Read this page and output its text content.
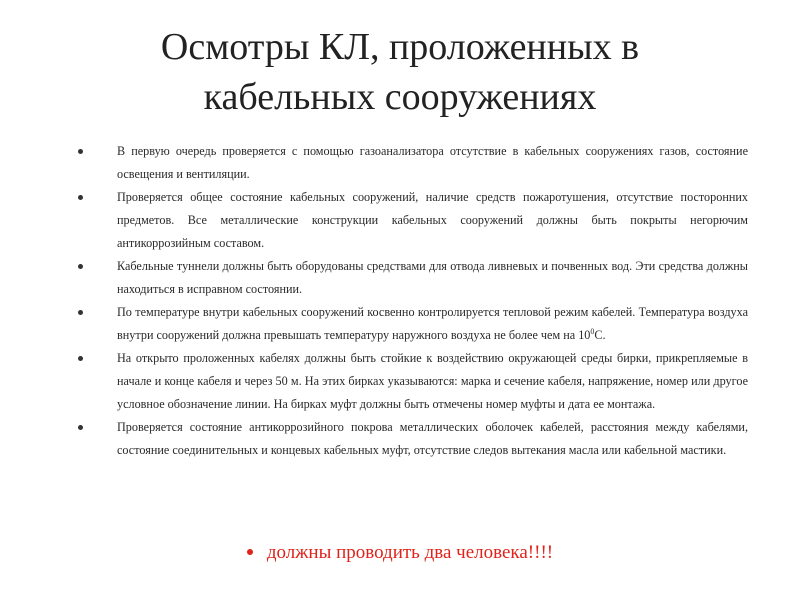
Осмотры КЛ, проложенных в
кабельных сооружениях
В первую очередь проверяется с помощью газоанализатора отсутствие в кабельных сооружениях газов, состояние освещения и вентиляции.
Проверяется общее состояние кабельных сооружений, наличие средств пожаротушения, отсутствие посторонних предметов. Все металлические конструкции кабельных сооружений должны быть покрыты негорючим антикоррозийным составом.
Кабельные туннели должны быть оборудованы средствами для отвода ливневых и почвенных вод. Эти средства должны находиться в исправном состоянии.
По температуре внутри кабельных сооружений косвенно контролируется тепловой режим кабелей. Температура воздуха внутри сооружений должна превышать температуру наружного воздуха не более чем на $10^0С$.
На открыто проложенных кабелях должны быть стойкие к воздействию окружающей среды бирки, прикрепляемые в начале и конце кабеля и через 50 м. На этих бирках указываются: марка и сечение кабеля, напряжение, номер или другое условное обозначение линии. На бирках муфт должны быть отмечены номер муфты и дата ее монтажа.
Проверяется состояние антикоррозийного покрова металлических оболочек кабелей, расстояния между кабелями, состояние соединительных и концевых кабельных муфт, отсутствие следов вытекания масла или кабельной мастики.
должны проводить два человека!!!!
